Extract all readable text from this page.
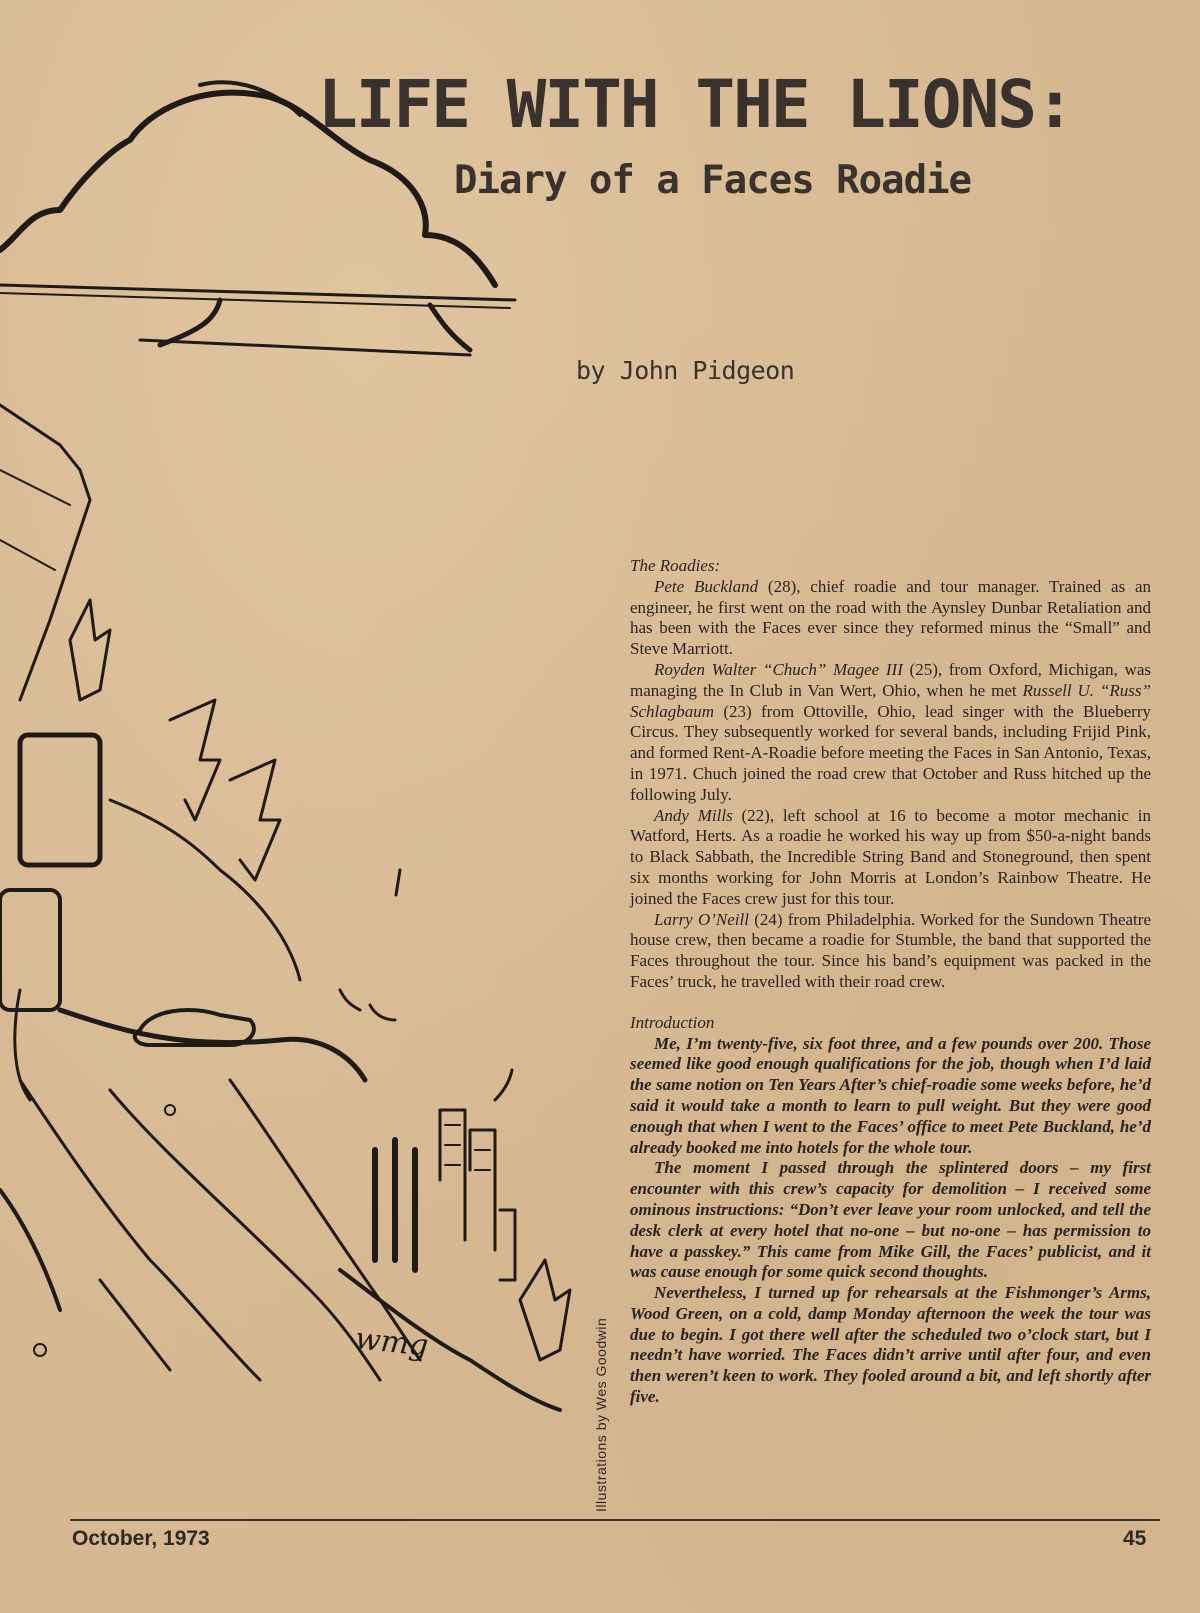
wmg
LIFE WITH THE LIONS:
Diary of a Faces Roadie
by John Pidgeon

The Roadies:

Pete Buckland (28), chief roadie and tour manager. Trained as an engineer, he first went on the road with the Aynsley Dunbar Retaliation and has been with the Faces ever since they reformed minus the “Small” and Steve Marriott.

Royden Walter “Chuch” Magee III (25), from Oxford, Michigan, was managing the In Club in Van Wert, Ohio, when he met Russell U. “Russ” Schlagbaum (23) from Ottoville, Ohio, lead singer with the Blueberry Circus. They subsequently worked for several bands, including Frijid Pink, and formed Rent-A-Roadie before meeting the Faces in San Antonio, Texas, in 1971. Chuch joined the road crew that October and Russ hitched up the following July.

Andy Mills (22), left school at 16 to become a motor mechanic in Watford, Herts. As a roadie he worked his way up from $50-a-night bands to Black Sabbath, the Incredible String Band and Stoneground, then spent six months working for John Morris at London’s Rainbow Theatre. He joined the Faces crew just for this tour.

Larry O’Neill (24) from Philadelphia. Worked for the Sundown Theatre house crew, then became a roadie for Stumble, the band that supported the Faces throughout the tour. Since his band’s equipment was packed in the Faces’ truck, he travelled with their road crew.

Introduction

Me, I’m twenty-five, six foot three, and a few pounds over 200. Those seemed like good enough qualifications for the job, though when I’d laid the same notion on Ten Years After’s chief-roadie some weeks before, he’d said it would take a month to learn to pull weight. But they were good enough that when I went to the Faces’ office to meet Pete Buckland, he’d already booked me into hotels for the whole tour.

The moment I passed through the splintered doors – my first encounter with this crew’s capacity for demolition – I received some ominous instructions: “Don’t ever leave your room unlocked, and tell the desk clerk at every hotel that no-one – but no-one – has permission to have a passkey.” This came from Mike Gill, the Faces’ publicist, and it was cause enough for some quick second thoughts.

Nevertheless, I turned up for rehearsals at the Fishmonger’s Arms, Wood Green, on a cold, damp Monday afternoon the week the tour was due to begin. I got there well after the scheduled two o’clock start, but I needn’t have worried. The Faces didn’t arrive until after four, and even then weren’t keen to work. They fooled around a bit, and left shortly after five.

Illustrations by Wes Goodwin
October, 1973	45
